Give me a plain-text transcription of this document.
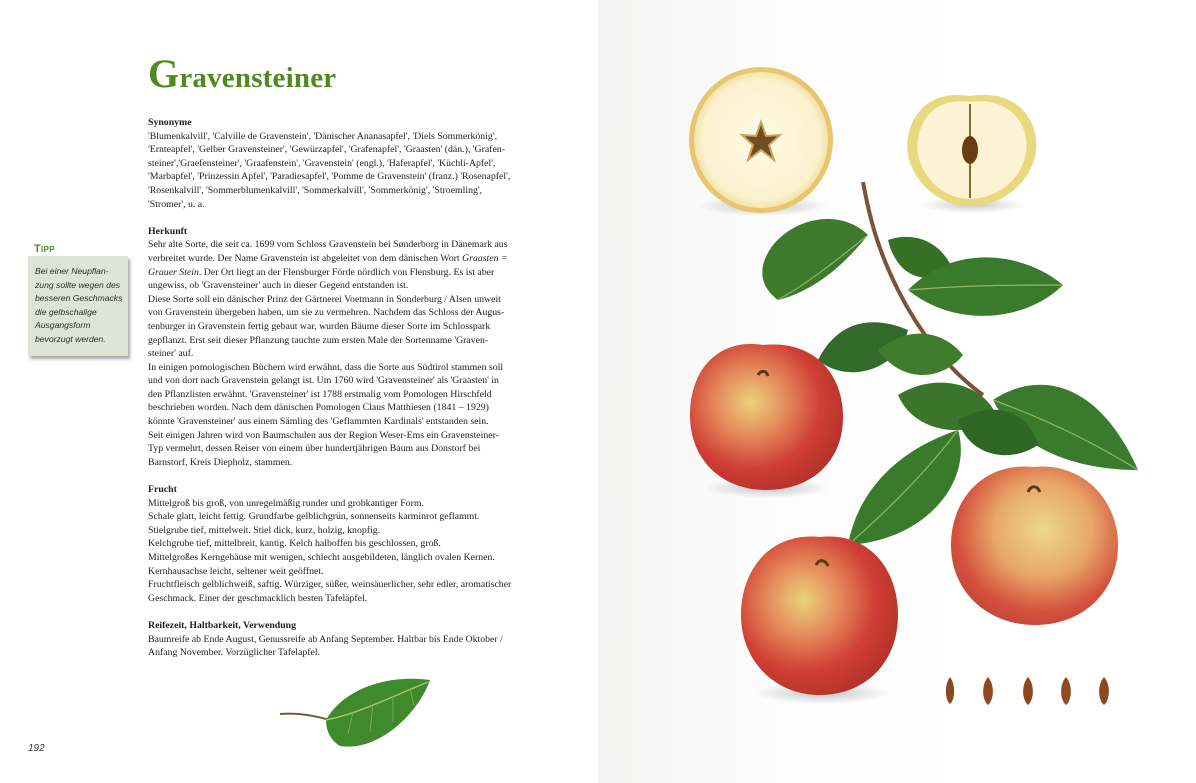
Gravensteiner

Synonyme

'Blumenkalvill', 'Calville de Gravenstein', 'Dänischer Ananasapfel', 'Diels Sommerkönig',

'Ernteapfel', 'Gelber Gravensteiner', 'Gewürzapfel', 'Grafenapfel', 'Graasten' (dän.), 'Grafen-

steiner','Graefensteiner', 'Graafenstein', 'Gravenstein' (engl.), 'Haferapfel', 'Küchli-Apfel',

'Marbapfel', 'Prinzessin Apfel', 'Paradiesapfel', 'Pomme de Gravenstein' (franz.) 'Rosenapfel',

'Rosenkalvill', 'Sommerblumenkalvill', 'Sommerkalvill', 'Sommerkönig', 'Stroemling',

'Stromer', u. a.

Herkunft

Sehr alte Sorte, die seit ca. 1699 vom Schloss Gravenstein bei Sønderborg in Dänemark aus

verbreitet wurde. Der Name Gravenstein ist abgeleitet von dem dänischen Wort Graasten =

Grauer Stein. Der Ort liegt an der Flensburger Förde nördlich von Flensburg. Es ist aber

ungewiss, ob 'Gravensteiner' auch in dieser Gegend entstanden ist.

Diese Sorte soll ein dänischer Prinz der Gärtnerei Voetmann in Sonderburg / Alsen unweit

von Gravenstein übergeben haben, um sie zu vermehren. Nachdem das Schloss der Augus-

tenburger in Gravenstein fertig gebaut war, wurden Bäume dieser Sorte im Schlosspark

gepflanzt. Erst seit dieser Pflanzung tauchte zum ersten Male der Sortenname 'Graven-

steiner' auf.

In einigen pomologischen Büchern wird erwähnt, dass die Sorte aus Südtirol stammen soll

und von dort nach Gravenstein gelangt ist. Um 1760 wird 'Gravensteiner' als 'Graasten' in

den Pflanzlisten erwähnt. 'Gravensteiner' ist 1788 erstmalig vom Pomologen Hirschfeld

beschrieben worden. Nach dem dänischen Pomologen Claus Matthiesen (1841 – 1929)

könnte 'Gravensteiner' aus einem Sämling des 'Geflammten Kardinals' entstanden sein.

Seit einigen Jahren wird von Baumschulen aus der Region Weser-Ems ein Gravensteiner-

Typ vermehrt, dessen Reiser von einem über hundertjährigen Baum aus Donstorf bei

Barnstorf, Kreis Diepholz, stammen.

Frucht

Mittelgroß bis groß, von unregelmäßig runder und grobkantiger Form.

Schale glatt, leicht fettig. Grundfarbe gelblichgrün, sonnenseits karminrot geflammt.

Stielgrube tief, mittelweit. Stiel dick, kurz, holzig, knopfig.

Kelchgrube tief, mittelbreit, kantig. Kelch halboffen bis geschlossen, groß.

Mittelgroßes Kerngehäuse mit wenigen, schlecht ausgebildeten, länglich ovalen Kernen.

Kernhausachse leicht, seltener weit geöffnet.

Fruchtfleisch gelblichweiß, saftig. Würziger, süßer, weinsäuerlicher, sehr edler, aromatischer

Geschmack. Einer der geschmacklich besten Tafeläpfel.

Reifezeit, Haltbarkeit, Verwendung

Baumreife ab Ende August, Genussreife ab Anfang September. Haltbar bis Ende Oktober /

Anfang November. Vorzüglicher Tafelapfel.

Tipp
Bei einer Neupflan-
zung sollte wegen des
besseren Geschmacks
die gelbschalige
Ausgangsform
bevorzugt werden.
192
